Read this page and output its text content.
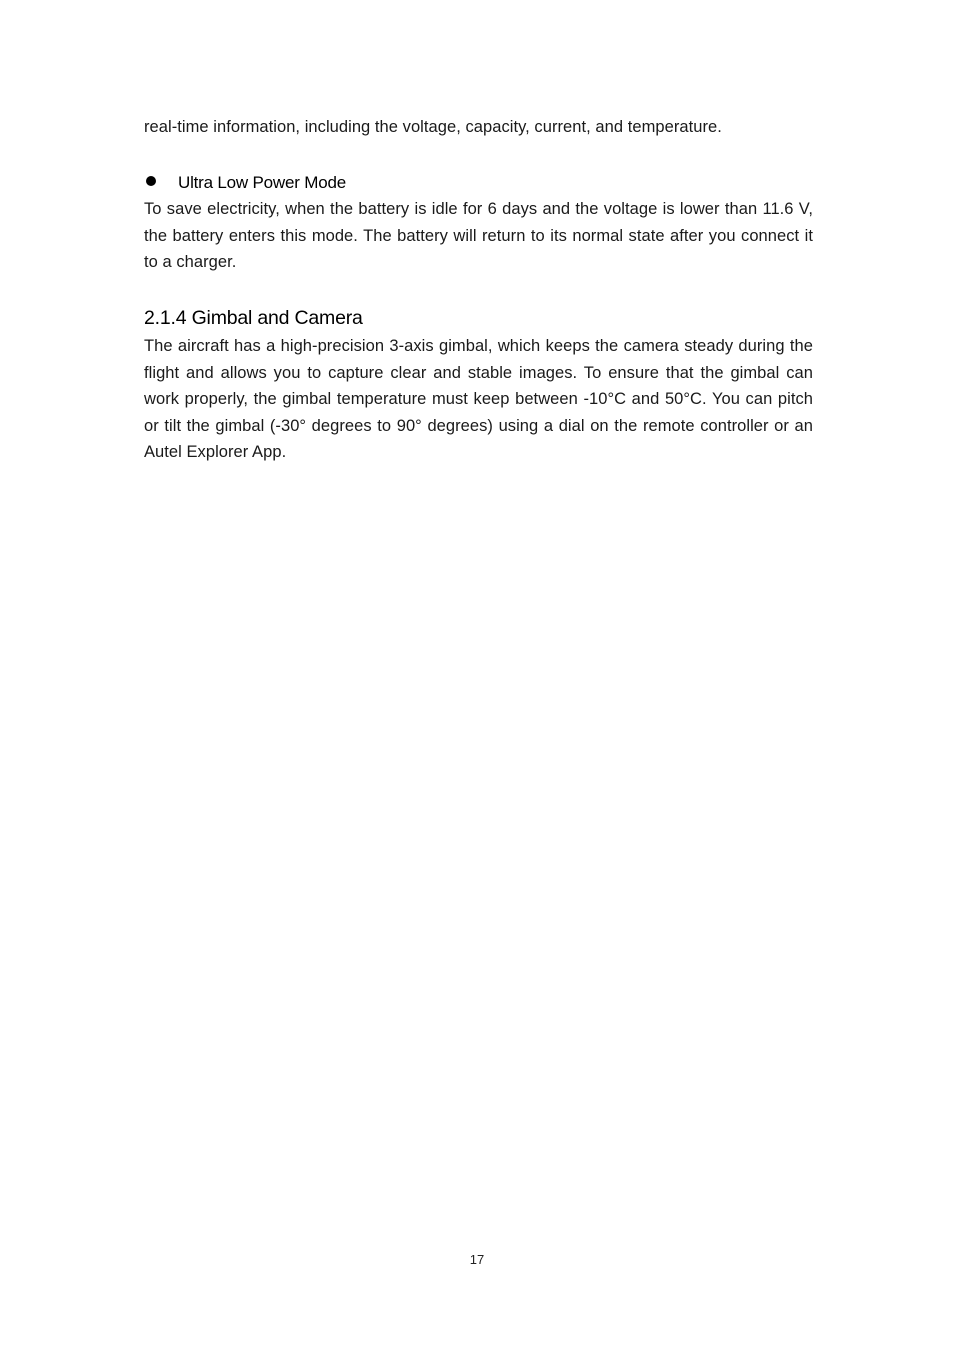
real-time information, including the voltage, capacity, current, and temperature.

Ultra Low Power Mode

To save electricity, when the battery is idle for 6 days and the voltage is lower than 11.6 V, the battery enters this mode. The battery will return to its normal state after you connect it to a charger.

2.1.4 Gimbal and Camera

The aircraft has a high-precision 3-axis gimbal, which keeps the camera steady during the flight and allows you to capture clear and stable images. To ensure that the gimbal can work properly, the gimbal temperature must keep between -10°C and 50°C. You can pitch or tilt the gimbal (-30° degrees to 90° degrees) using a dial on the remote controller or an Autel Explorer App.

17
